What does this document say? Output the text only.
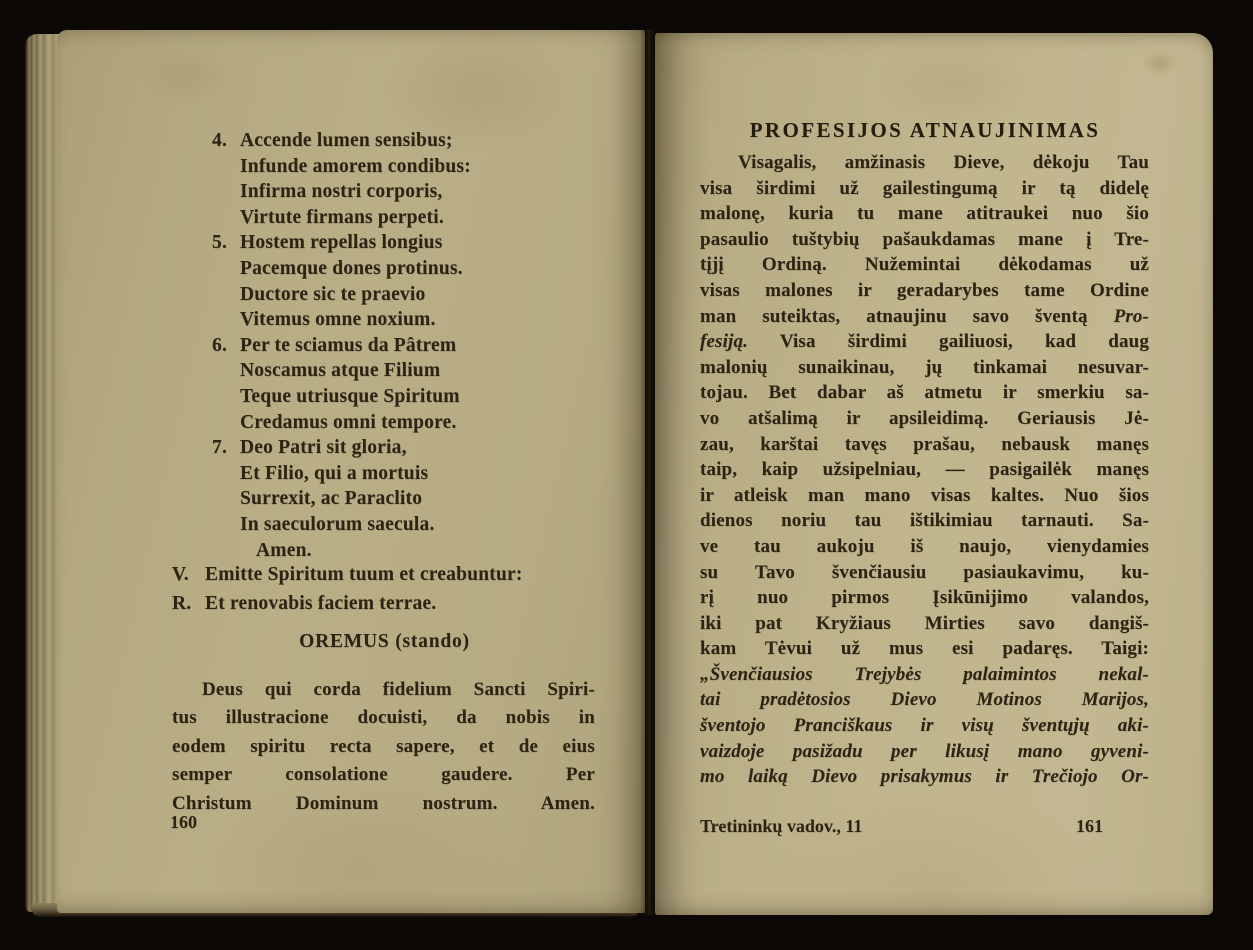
4. Accende lumen sensibus;
Infunde amorem condibus:
Infirma nostri corporis,
Virtute firmans perpeti.
5. Hostem repellas longius
Pacemque dones protinus.
Ductore sic te praevio
Vitemus omne noxium.
6. Per te sciamus da Pâtrem
Noscamus atque Filium
Teque utriusque Spiritum
Credamus omni tempore.
7. Deo Patri sit gloria,
Et Filio, qui a mortuis
Surrexit, ac Paraclito
In saeculorum saecula.
Amen.
V. Emitte Spiritum tuum et creabuntur:
R. Et renovabis faciem terrae.
OREMUS (stando)
Deus qui corda fidelium Sancti Spiri-
tus illustracione docuisti, da nobis in
eodem spiritu recta sapere, et de eius
semper consolatione gaudere. Per
Christum Dominum nostrum. Amen.
160
PROFESIJOS ATNAUJINIMAS
Visagalis, amžinasis Dieve, dėkoju Tau
visa širdimi už gailestingumą ir tą didelę
malonę, kuria tu mane atitraukei nuo šio
pasaulio tuštybių pašaukdamas mane į Tre-
tįjį Ordiną. Nužemintai dėkodamas už
visas malones ir geradarybes tame Ordine
man suteiktas, atnaujinu savo šventą Pro-
fesiją. Visa širdimi gailiuosi, kad daug
malonių sunaikinau, jų tinkamai nesuvar-
tojau. Bet dabar aš atmetu ir smerkiu sa-
vo atšalimą ir apsileidimą. Geriausis Jė-
zau, karštai tavęs prašau, nebausk manęs
taip, kaip užsipelniau, — pasigailėk manęs
ir atleisk man mano visas kaltes. Nuo šios
dienos noriu tau ištikimiau tarnauti. Sa-
ve tau aukoju iš naujo, vienydamies
su Tavo švenčiausiu pasiaukavimu, ku-
rį nuo pirmos Įsikūnijimo valandos,
iki pat Kryžiaus Mirties savo dangiš-
kam Tėvui už mus esi padaręs. Taigi:
„Švenčiausios Trejybės palaimintos nekal-
tai pradėtosios Dievo Motinos Marijos,
šventojo Pranciškaus ir visų šventųjų aki-
vaizdoje pasižadu per likusį mano gyveni-
mo laiką Dievo prisakymus ir Trečiojo Or-
Tretininkų vadov., 11	161
